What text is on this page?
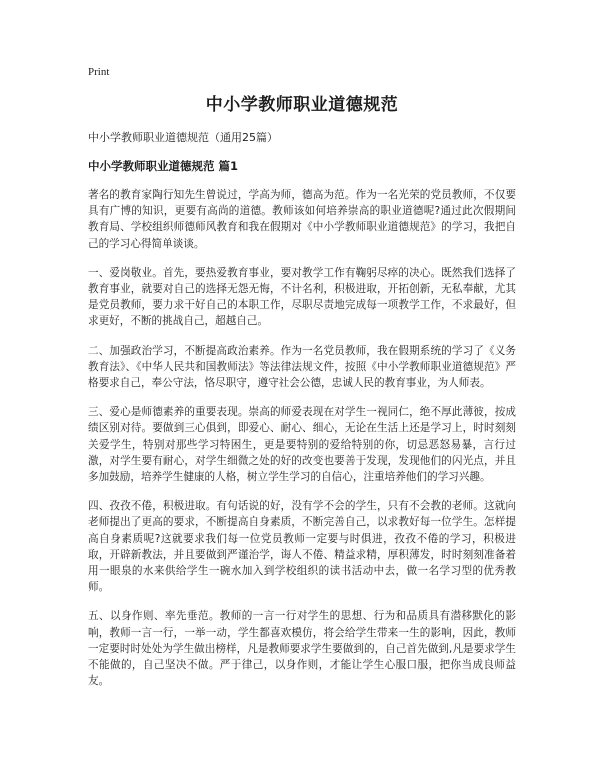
Print
中小学教师职业道德规范
中小学教师职业道德规范（通用25篇）
中小学教师职业道德规范 篇1

著名的教育家陶行知先生曾说过，学高为师，德高为范。作为一名光荣的党员教师，不仅要具有广博的知识，更要有高尚的道德。教师该如何培养崇高的职业道德呢?通过此次假期间教育局、学校组织师德师风教育和我在假期对《中小学教师职业道德规范》的学习，我把自己的学习心得简单谈谈。

一、爱岗敬业。首先，要热爱教育事业，要对教学工作有鞠躬尽瘁的决心。既然我们选择了教育事业，就要对自己的选择无怨无悔，不计名利，积极进取，开拓创新，无私奉献，尤其是党员教师，要力求干好自己的本职工作，尽职尽责地完成每一项教学工作，不求最好，但求更好，不断的挑战自己，超越自己。

二、加强政治学习，不断提高政治素养。作为一名党员教师，我在假期系统的学习了《义务教育法》、《中华人民共和国教师法》等法律法规文件，按照《中小学教师职业道德规范》严格要求自己，奉公守法，恪尽职守，遵守社会公德，忠诚人民的教育事业，为人师表。

三、爱心是师德素养的重要表现。崇高的师爱表现在对学生一视同仁，绝不厚此薄彼，按成绩区别对待。要做到三心俱到，即爱心、耐心、细心，无论在生活上还是学习上，时时刻刻关爱学生，特别对那些学习特困生，更是要特别的爱给特别的你，切忌恶怒易暴，言行过激，对学生要有耐心，对学生细微之处的好的改变也要善于发现，发现他们的闪光点，并且多加鼓励，培养学生健康的人格，树立学生学习的自信心，注重培养他们的学习兴趣。

四、孜孜不倦，积极进取。有句话说的好，没有学不会的学生，只有不会教的老师。这就向老师提出了更高的要求，不断提高自身素质，不断完善自己，以求教好每一位学生。怎样提高自身素质呢?这就要求我们每一位党员教师一定要与时俱进，孜孜不倦的学习，积极进取，开辟新教法，并且要做到严谨治学，诲人不倦、精益求精，厚积薄发，时时刻刻准备着用一眼泉的水来供给学生一碗水加入到学校组织的读书活动中去，做一名学习型的优秀教师。

五、以身作则、率先垂范。教师的一言一行对学生的思想、行为和品质具有潜移默化的影响，教师一言一行，一举一动，学生都喜欢模仿，将会给学生带来一生的影响，因此，教师一定要时时处处为学生做出榜样，凡是教师要求学生要做到的，自己首先做到,凡是要求学生不能做的，自己坚决不做。严于律己，以身作则，才能让学生心服口服，把你当成良师益友。
